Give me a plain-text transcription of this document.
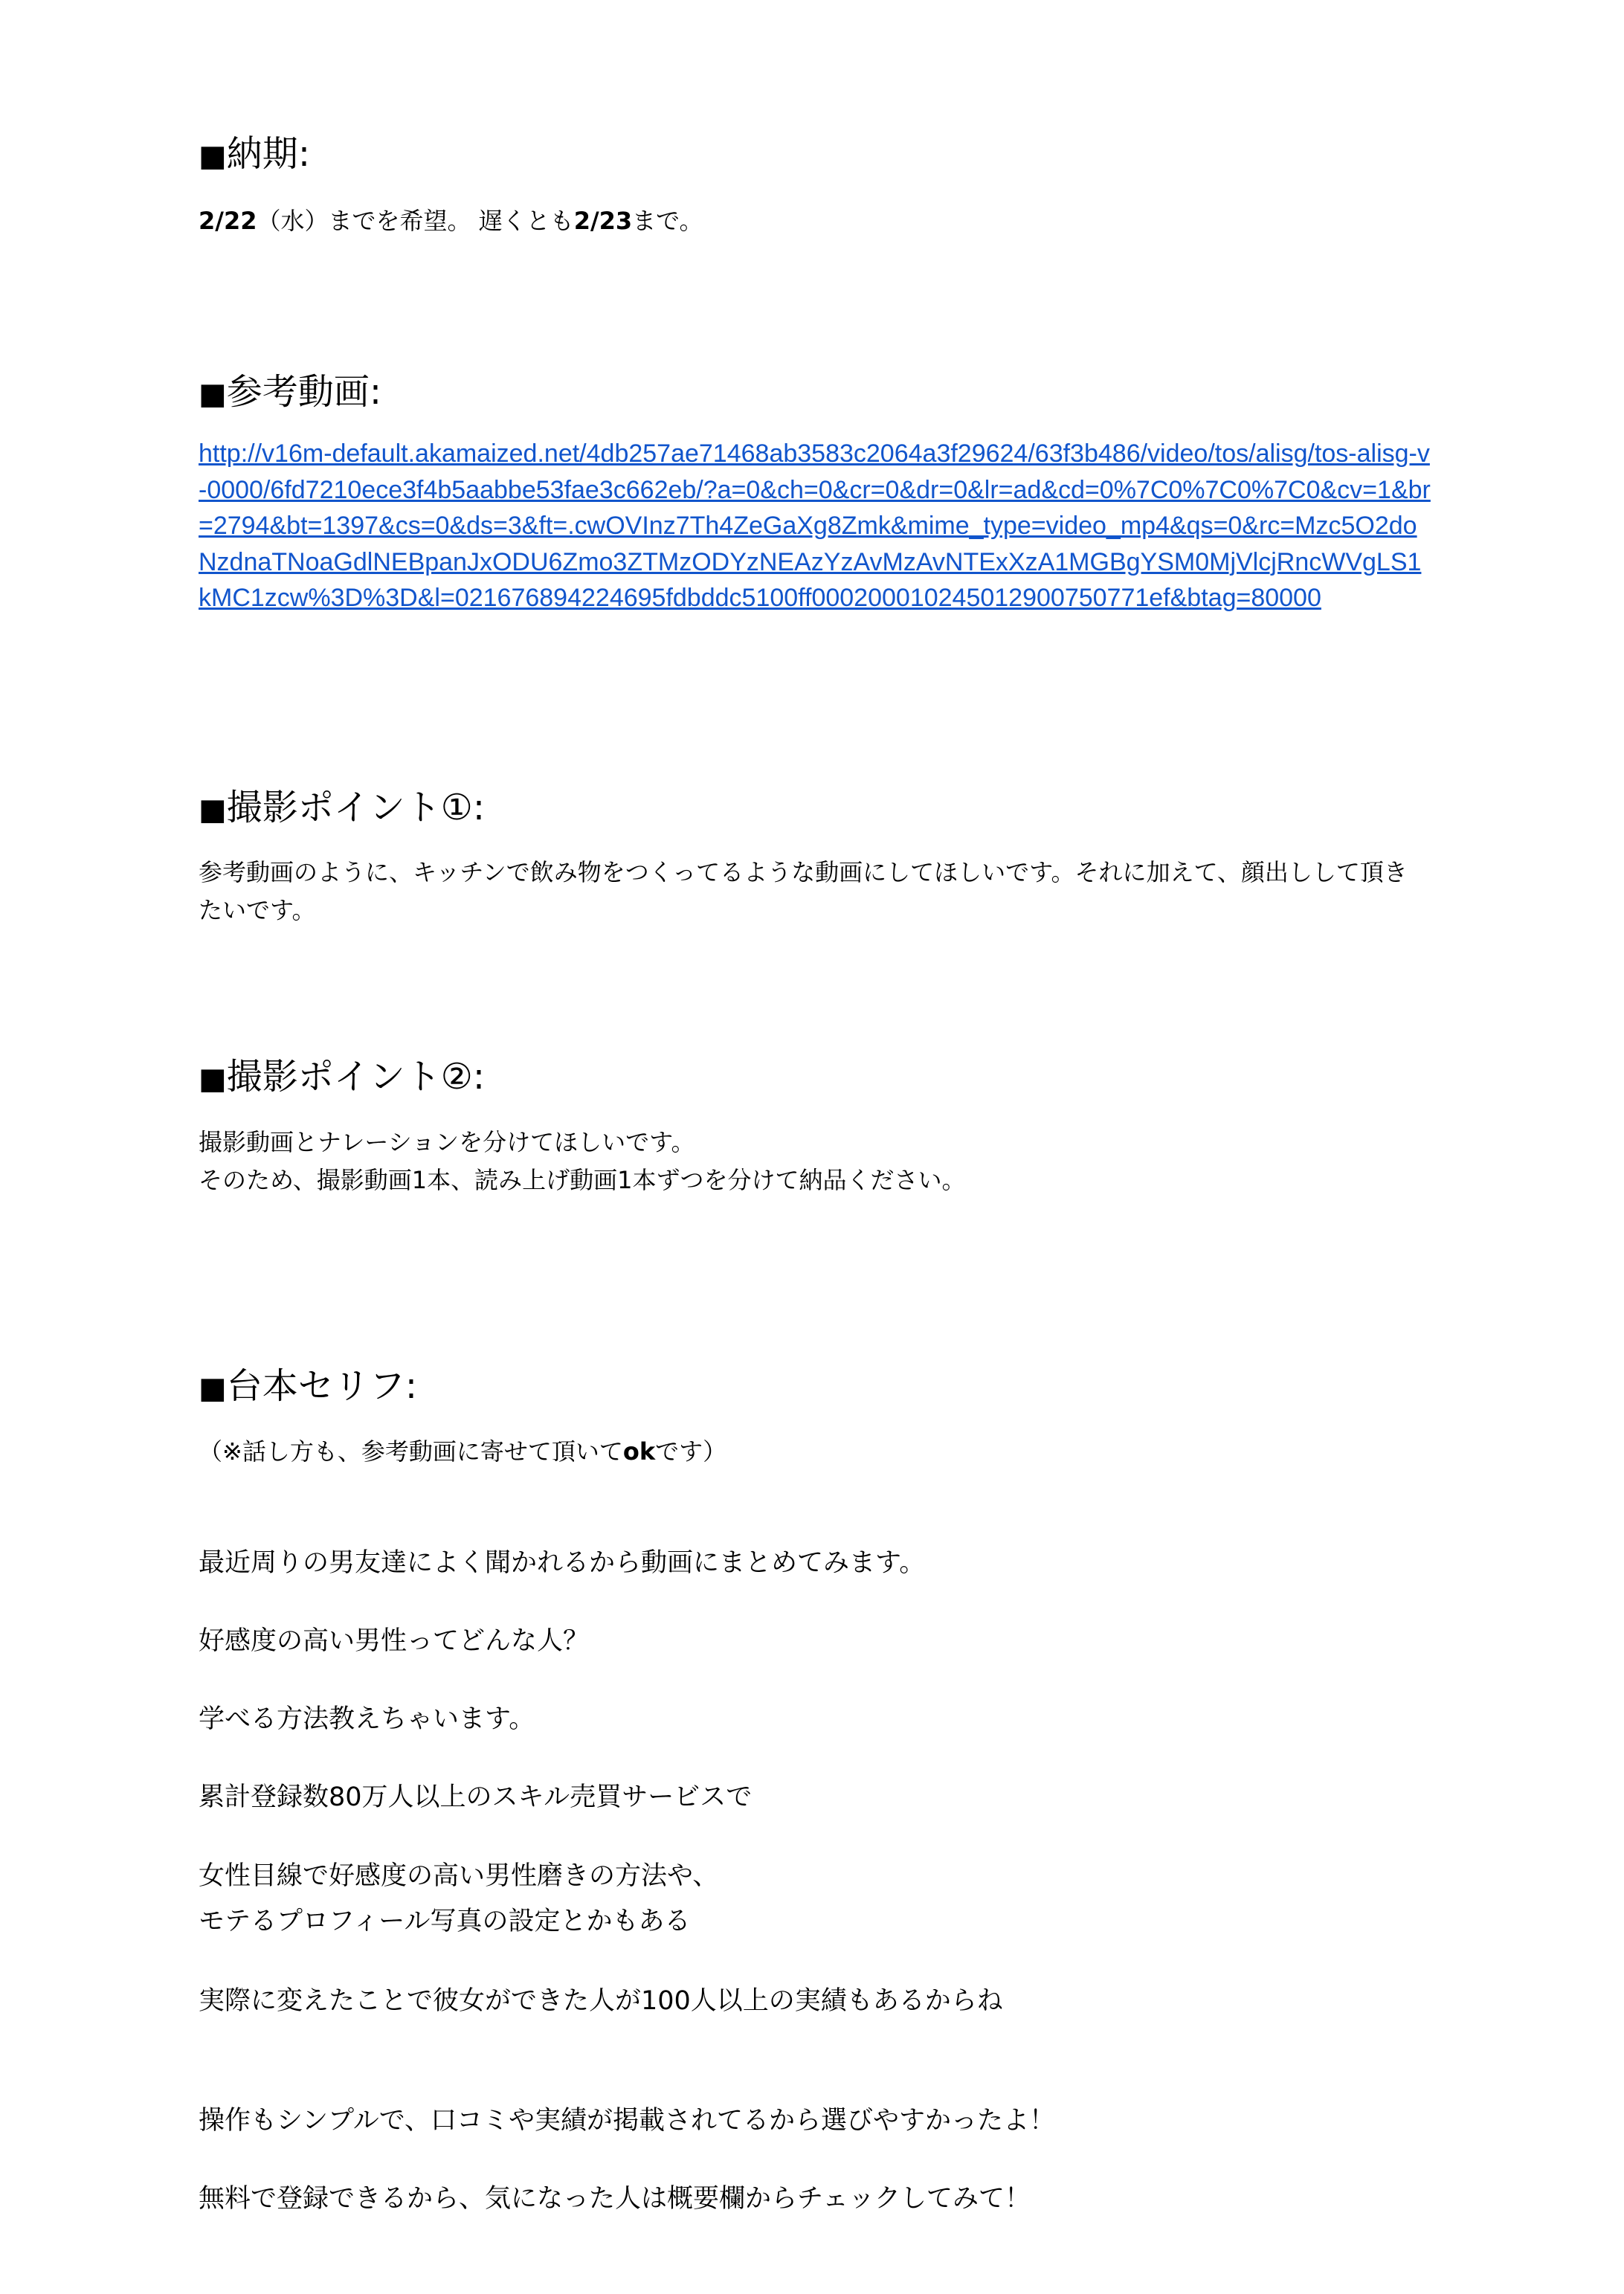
■納期:

2/22（水）までを希望。 遅くとも2/23まで。

■参考動画:
http://v16m-default.akamaized.net/4db257ae71468ab3583c2064a3f29624/63f3b486/video/tos/alisg/tos-alisg-v-0000/6fd7210ece3f4b5aabbe53fae3c662eb/?a=0&ch=0&cr=0&dr=0&lr=ad&cd=0%7C0%7C0%7C0&cv=1&br=2794&bt=1397&cs=0&ds=3&ft=.cwOVInz7Th4ZeGaXg8Zmk&mime_type=video_mp4&qs=0&rc=Mzc5O2doNzdnaTNoaGdlNEBpanJxODU6Zmo3ZTMzODYzNEAzYzAvMzAvNTExXzA1MGBgYSM0MjVlcjRncWVgLS1kMC1zcw%3D%3D&l=021676894224695fdbddc5100ff000200010245012900750771ef&btag=80000
■撮影ポイント①:

参考動画のように、キッチンで飲み物をつくってるような動画にしてほしいです。それに加えて、顔出しして頂き

たいです。

■撮影ポイント②:

撮影動画とナレーションを分けてほしいです。

そのため、撮影動画1本、読み上げ動画1本ずつを分けて納品ください。

■台本セリフ:

（※話し方も、参考動画に寄せて頂いてokです）

最近周りの男友達によく聞かれるから動画にまとめてみます。

好感度の高い男性ってどんな人？

学べる方法教えちゃいます。

累計登録数80万人以上のスキル売買サービスで

女性目線で好感度の高い男性磨きの方法や、

モテるプロフィール写真の設定とかもある

実際に変えたことで彼女ができた人が100人以上の実績もあるからね

操作もシンプルで、口コミや実績が掲載されてるから選びやすかったよ！

無料で登録できるから、気になった人は概要欄からチェックしてみて！
